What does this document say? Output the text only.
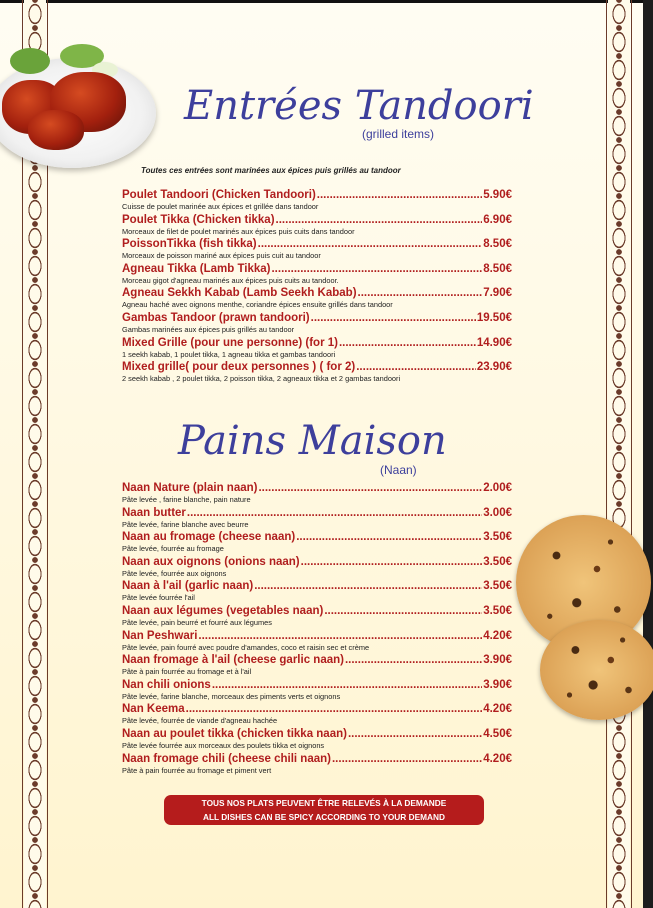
Entrées Tandoori
(grilled items)
Toutes ces entrées sont marinées aux épices puis grillés au tandoor
Poulet Tandoori (Chicken Tandoori) .....	5.90€
Cuisse de poulet marinée aux épices et grillée dans tandoor
Poulet Tikka (Chicken tikka) .....	6.90€
Morceaux de filet de poulet marinés aux épices puis cuits dans tandoor
PoissonTikka (fish tikka) .....	8.50€
Morceaux de poisson mariné aux épices puis cuit au tandoor
Agneau Tikka (Lamb Tikka) .....	8.50€
Morceau gigot d'agneau marinés aux épices puis cuits au tandoor.
Agneau Sekkh Kabab (Lamb Seekh Kabab) .....	7.90€
Agneau haché avec oignons menthe, coriandre épices ensuite grillés dans tandoor
Gambas Tandoor (prawn tandoori) .....	19.50€
Gambas marinées aux épices puis grillés au tandoor
Mixed Grille (pour une personne) (for 1) .....	14.90€
1 seekh kabab, 1 poulet tikka, 1 agneau tikka et gambas tandoori
Mixed grille( pour deux personnes ) ( for 2) .....	23.90€
2 seekh kabab , 2 poulet tikka, 2 poisson tikka, 2 agneaux tikka et 2 gambas tandoori
Pains Maison
(Naan)
Naan Nature (plain naan) .....	2.00€
Pâte levée , farine blanche, pain nature
Naan butter .....	3.00€
Pâte levée, farine blanche avec beurre
Naan au fromage (cheese naan) .....	3.50€
Pâte levée, fourrée au fromage
Naan aux oignons (onions naan) .....	3.50€
Pâte levée, fourrée aux oignons
Naan à l'ail (garlic naan) .....	3.50€
Pâte levée fourrée l'ail
Naan aux légumes (vegetables naan) .....	3.50€
Pâte levée, pain beurré et fourré aux légumes
Nan Peshwari .....	4.20€
Pâte levée, pain fourré avec poudre d'amandes, coco et raisin sec et crème
Naan fromage à l'ail (cheese garlic naan) .....	3.90€
Pâte à pain fourrée au fromage et à l'ail
Nan chili onions .....	3.90€
Pâte levée, farine blanche, morceaux des piments verts et oignons
Nan Keema .....	4.20€
Pâte levée, fourrée de viande d'agneau hachée
Naan au poulet tikka (chicken tikka naan) .....	4.50€
Pâte levée fourrée aux morceaux des poulets tikka et oignons
Naan fromage chili (cheese chili naan) .....	4.20€
Pâte à pain fourrée au fromage et piment vert
TOUS NOS PLATS PEUVENT ÊTRE RELEVÉS À LA DEMANDE
ALL DISHES CAN BE SPICY ACCORDING TO YOUR DEMAND
